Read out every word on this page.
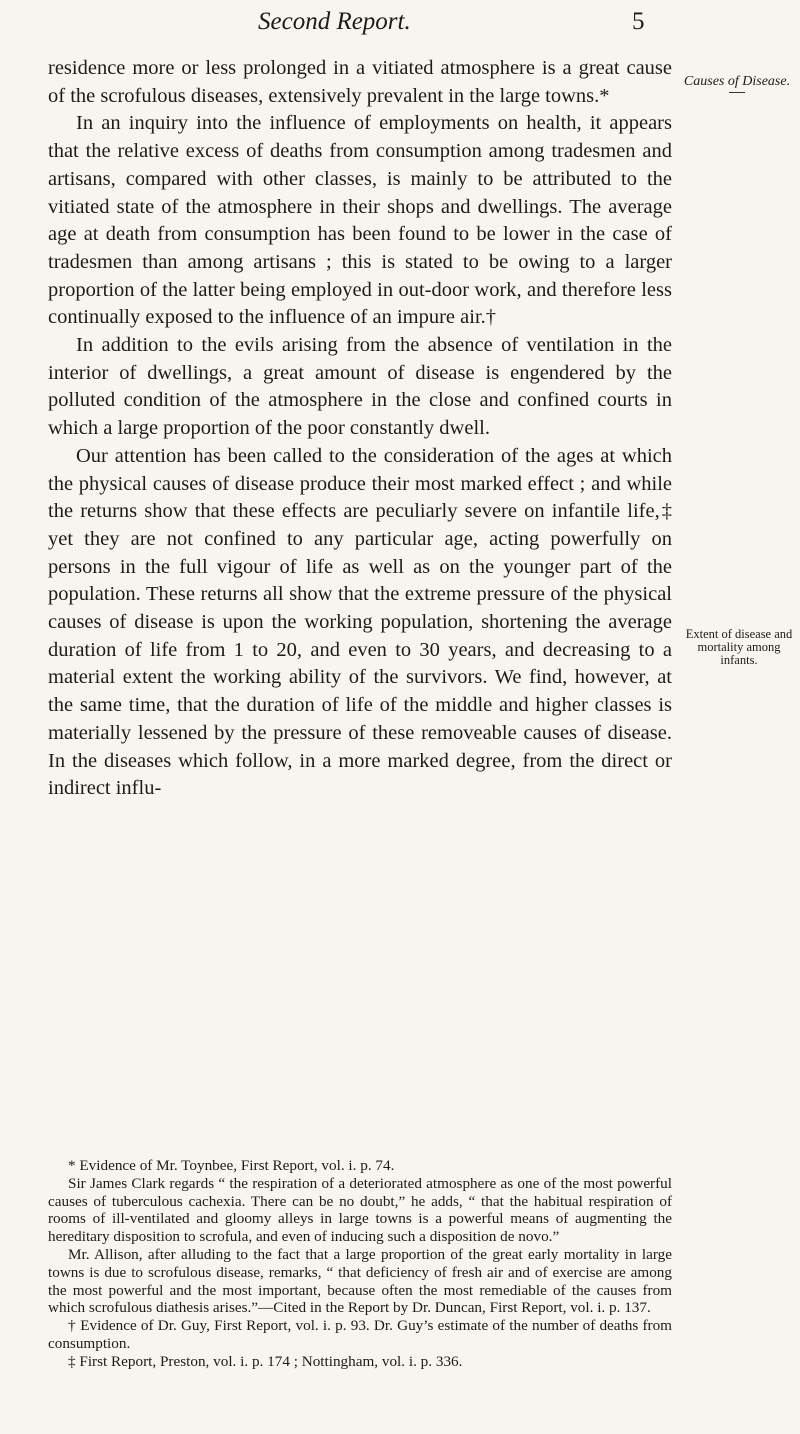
Second Report.	5
Causes of Disease.
Extent of disease and mortality among infants.

residence more or less prolonged in a vitiated atmosphere is a great cause of the scrofulous diseases, extensively prevalent in the large towns.*

In an inquiry into the influence of employments on health, it appears that the relative excess of deaths from consumption among tradesmen and artisans, compared with other classes, is mainly to be attributed to the vitiated state of the atmosphere in their shops and dwellings. The average age at death from consumption has been found to be lower in the case of tradesmen than among artisans ; this is stated to be owing to a larger proportion of the latter being employed in out-door work, and therefore less continually exposed to the influence of an impure air.†

In addition to the evils arising from the absence of ventilation in the interior of dwellings, a great amount of disease is engendered by the polluted condition of the atmosphere in the close and confined courts in which a large proportion of the poor constantly dwell.

Our attention has been called to the consideration of the ages at which the physical causes of disease produce their most marked effect ; and while the returns show that these effects are peculiarly severe on infantile life,‡ yet they are not confined to any particular age, acting powerfully on persons in the full vigour of life as well as on the younger part of the population. These returns all show that the extreme pressure of the physical causes of disease is upon the working population, shortening the average duration of life from 1 to 20, and even to 30 years, and decreasing to a material extent the working ability of the survivors. We find, however, at the same time, that the duration of life of the middle and higher classes is materially lessened by the pressure of these removeable causes of disease. In the diseases which follow, in a more marked degree, from the direct or indirect influ-

* Evidence of Mr. Toynbee, First Report, vol. i. p. 74.

Sir James Clark regards “ the respiration of a deteriorated atmosphere as one of the most powerful causes of tuberculous cachexia. There can be no doubt,” he adds, “ that the habitual respiration of rooms of ill-ventilated and gloomy alleys in large towns is a powerful means of augmenting the hereditary disposition to scrofula, and even of inducing such a disposition de novo.”

Mr. Allison, after alluding to the fact that a large proportion of the great early mortality in large towns is due to scrofulous disease, remarks, “ that deficiency of fresh air and of exercise are among the most powerful and the most important, because often the most remediable of the causes from which scrofulous diathesis arises.”—Cited in the Report by Dr. Duncan, First Report, vol. i. p. 137.

† Evidence of Dr. Guy, First Report, vol. i. p. 93. Dr. Guy’s estimate of the number of deaths from consumption.

‡ First Report, Preston, vol. i. p. 174 ; Nottingham, vol. i. p. 336.
